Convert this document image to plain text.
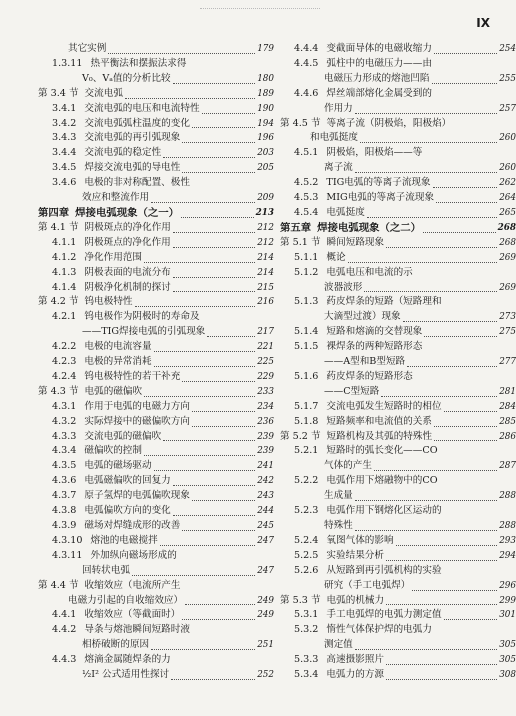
IX
其它实例	179
1.3.11 热平衡法和摆振法求得
V₀、Vₐ值的分析比较	180
第 3.4 节 交流电弧	189
3.4.1 交流电弧的电压和电流特性	190
3.4.2 交流电弧弧柱温度的变化	194
3.4.3 交流电弧的再引弧现象	196
3.4.4 交流电弧的稳定性	203
3.4.5 焊接交流电弧的导电性	205
3.4.6 电极的非对称配置、极性
效应和整流作用	209
第四章 焊接电弧现象（之一）	213
第 4.1 节 阴极斑点的净化作用	212
4.1.1 阴极斑点的净化作用	212
4.1.2 净化作用范围	214
4.1.3 阴极表面的电流分布	214
4.1.4 阴极净化机制的探讨	215
第 4.2 节 钨电极特性	216
4.2.1 钨电极作为阴极时的寿命及
——TIG焊接电弧的引弧现象	217
4.2.2 电极的电流容量	221
4.2.3 电极的异常消耗	225
4.2.4 钨电极特性的若干补充	229
第 4.3 节 电弧的磁偏吹	233
4.3.1 作用于电弧的电磁力方向	234
4.3.2 实际焊接中的磁偏吹方向	236
4.3.3 交流电弧的磁偏吹	239
4.3.4 磁偏吹的控制	239
4.3.5 电弧的磁场驱动	241
4.3.6 电弧磁偏吹的回复力	242
4.3.7 原子氢焊的电弧偏吹现象	243
4.3.8 电弧偏吹方向的变化	244
4.3.9 磁场对焊缝成形的改善	245
4.3.10 熔池的电磁搅拌	247
4.3.11 外加纵向磁场形成的
回转状电弧	247
第 4.4 节 收缩效应（电流所产生
电磁力引起的自收缩效应）	249
4.4.1 收缩效应（等截面时）	249
4.4.2 导条与熔池瞬间短路时液
相桥破断的原因	251
4.4.3 熔滴金属随焊条的力
½I² 公式适用性探讨	252
4.4.4 变截面导体的电磁收缩力	254
4.4.5 弧柱中的电磁压力——由
电磁压力形成的熔池凹陷	255
4.4.6 焊丝端部熔化金属受到的
作用力	257
第 4.5 节 等离子流（阴极焰，阳极焰）
和电弧挺度	260
4.5.1 阴极焰，阳极焰——等
离子流	260
4.5.2 TIG电弧的等离子流现象	262
4.5.3 MIG电弧的等离子流现象	264
4.5.4 电弧挺度	265
第五章 焊接电弧现象（之二）	268
第 5.1 节 瞬间短路现象	268
5.1.1 概论	269
5.1.2 电弧电压和电流的示
波器波形	269
5.1.3 药皮焊条的短路（短路理和
大滴型过渡）现象	273
5.1.4 短路和熔滴的交替现象	275
5.1.5 裸焊条的两种短路形态
——A型和B型短路	277
5.1.6 药皮焊条的短路形态
——C型短路	281
5.1.7 交流电弧发生短路时的相位	284
5.1.8 短路频率和电流值的关系	285
第 5.2 节 短路机构及其弧的特殊性	286
5.2.1 短路时的弧长变化——CO
气体的产生	287
5.2.2 电弧作用下熔融物中的CO
生成量	288
5.2.3 电弧作用下钢熔化区运动的
特殊性	288
5.2.4 氧图气体的影响	293
5.2.5 实验结果分析	294
5.2.6 从短路到再引弧机构的实验
研究（手工电弧焊）	296
第 5.3 节 电弧的机械力	299
5.3.1 手工电弧焊的电弧力测定值	301
5.3.2 惰性气体保护焊的电弧力
测定值	305
5.3.3 高速摄影照片	305
5.3.4 电弧力的方源	308
